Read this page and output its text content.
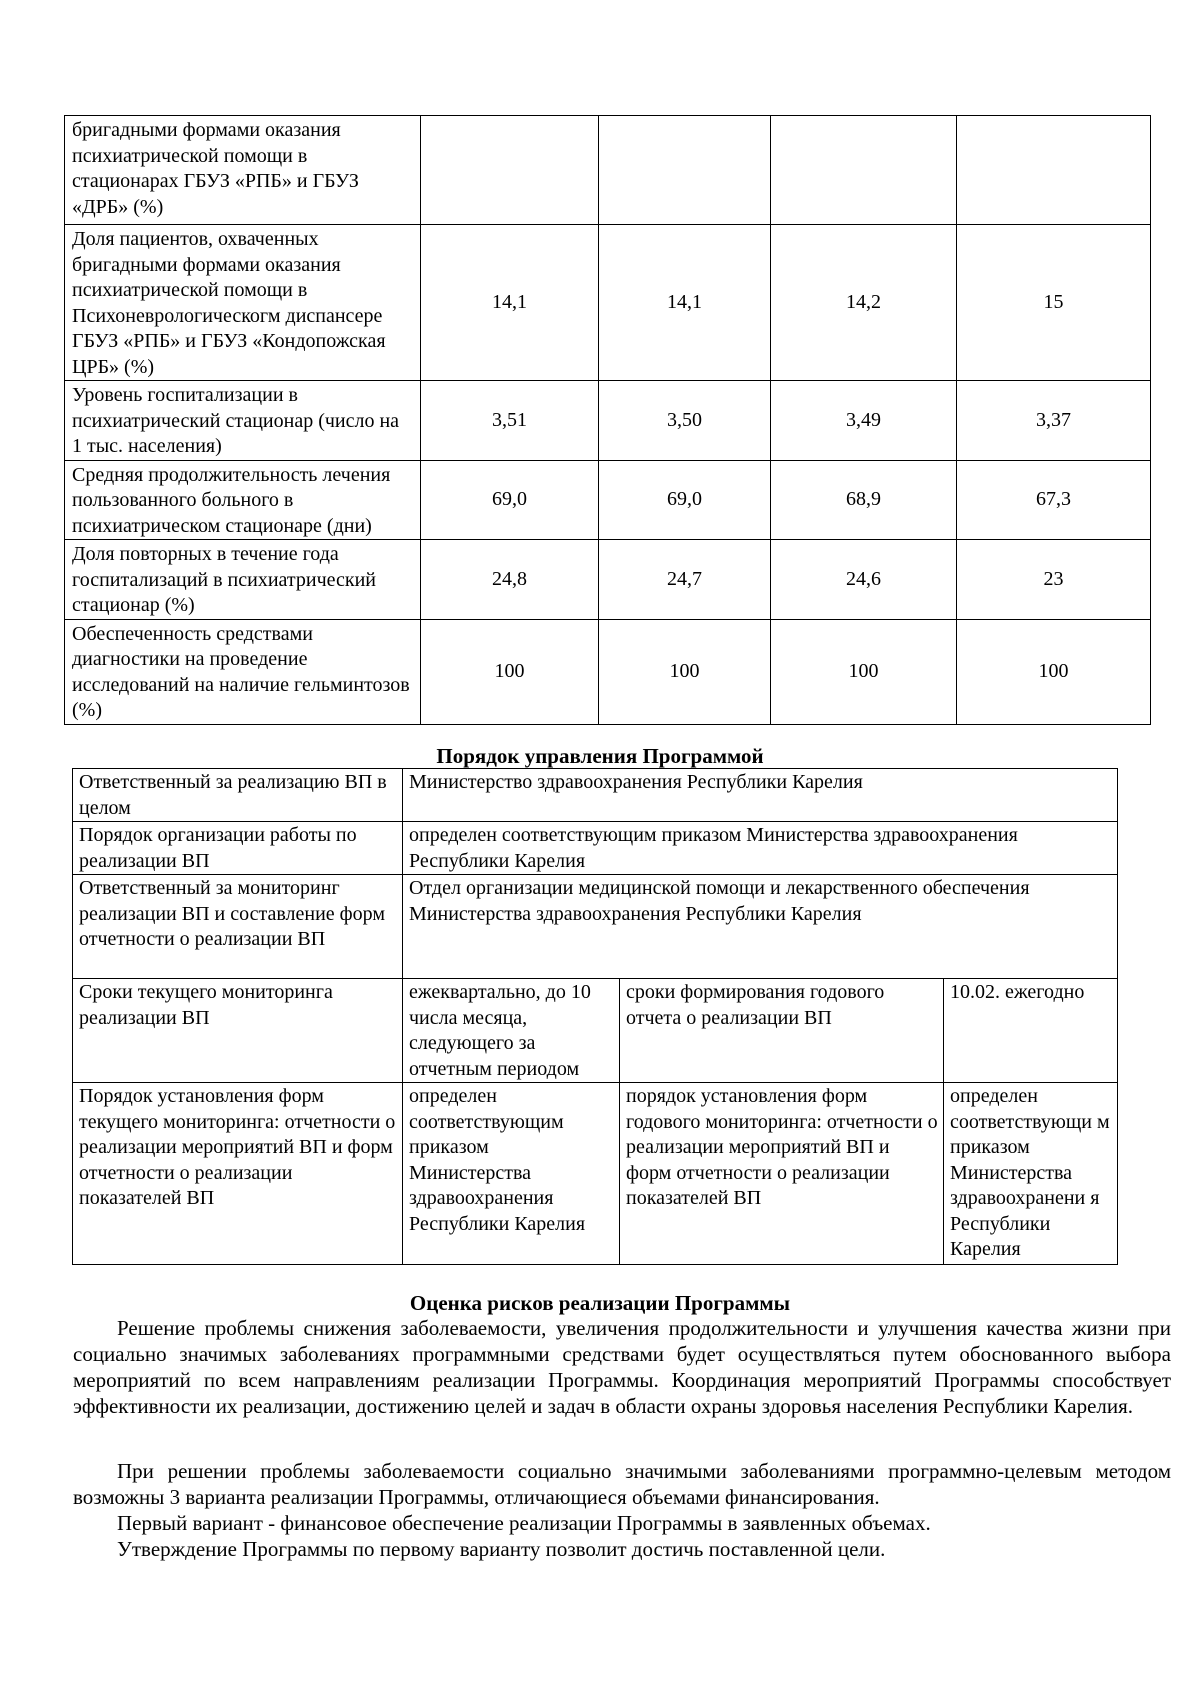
бригадными формами оказания психиатрической помощи в стационарах ГБУЗ «РПБ» и ГБУЗ «ДРБ» (%)				
Доля пациентов, охваченных бригадными формами оказания психиатрической помощи в Психоневрологическогм диспансере ГБУЗ «РПБ» и ГБУЗ «Кондопожская ЦРБ» (%)	14,1	14,1	14,2	15
Уровень госпитализации в психиатрический стационар (число на 1 тыс. населения)	3,51	3,50	3,49	3,37
Средняя продолжительность лечения пользованного больного в психиатрическом стационаре (дни)	69,0	69,0	68,9	67,3
Доля повторных в течение года госпитализаций в психиатрический стационар (%)	24,8	24,7	24,6	23
Обеспеченность средствами диагностики на проведение исследований на наличие гельминтозов (%)	100	100	100	100
Порядок управления Программой
Ответственный за реализацию ВП в целом	Министерство здравоохранения Республики Карелия		
Порядок организации работы по реализации ВП	определен соответствующим приказом Министерства здравоохранения Республики Карелия		
Ответственный за мониторинг реализации ВП и составление форм отчетности о реализации ВП	Отдел организации медицинской помощи и лекарственного обеспечения Министерства здравоохранения Республики Карелия		
Сроки текущего мониторинга реализации ВП	ежеквартально, до 10 числа месяца, следующего за отчетным периодом	сроки формирования годового отчета о реализации ВП	10.02. ежегодно
Порядок установления форм текущего мониторинга: отчетности о реализации мероприятий ВП и форм отчетности о реализации показателей ВП	определен соответствующим приказом Министерства здравоохранения Республики Карелия	порядок установления форм годового мониторинга: отчетности о реализации мероприятий ВП и форм отчетности о реализации показателей ВП	определен соответствующи м приказом Министерства здравоохранени я Республики Карелия
Оценка рисков реализации Программы

Решение проблемы снижения заболеваемости, увеличения продолжительности и улучшения качества жизни при социально значимых заболеваниях программными средствами будет осуществляться путем обоснованного выбора мероприятий по всем направлениям реализации Программы. Координация мероприятий Программы способствует эффективности их реализации, достижению целей и задач в области охраны здоровья населения Республики Карелия.

При решении проблемы заболеваемости социально значимыми заболеваниями программно-целевым методом возможны 3 варианта реализации Программы, отличающиеся объемами финансирования.

Первый вариант - финансовое обеспечение реализации Программы в заявленных объемах.

Утверждение Программы по первому варианту позволит достичь поставленной цели.
